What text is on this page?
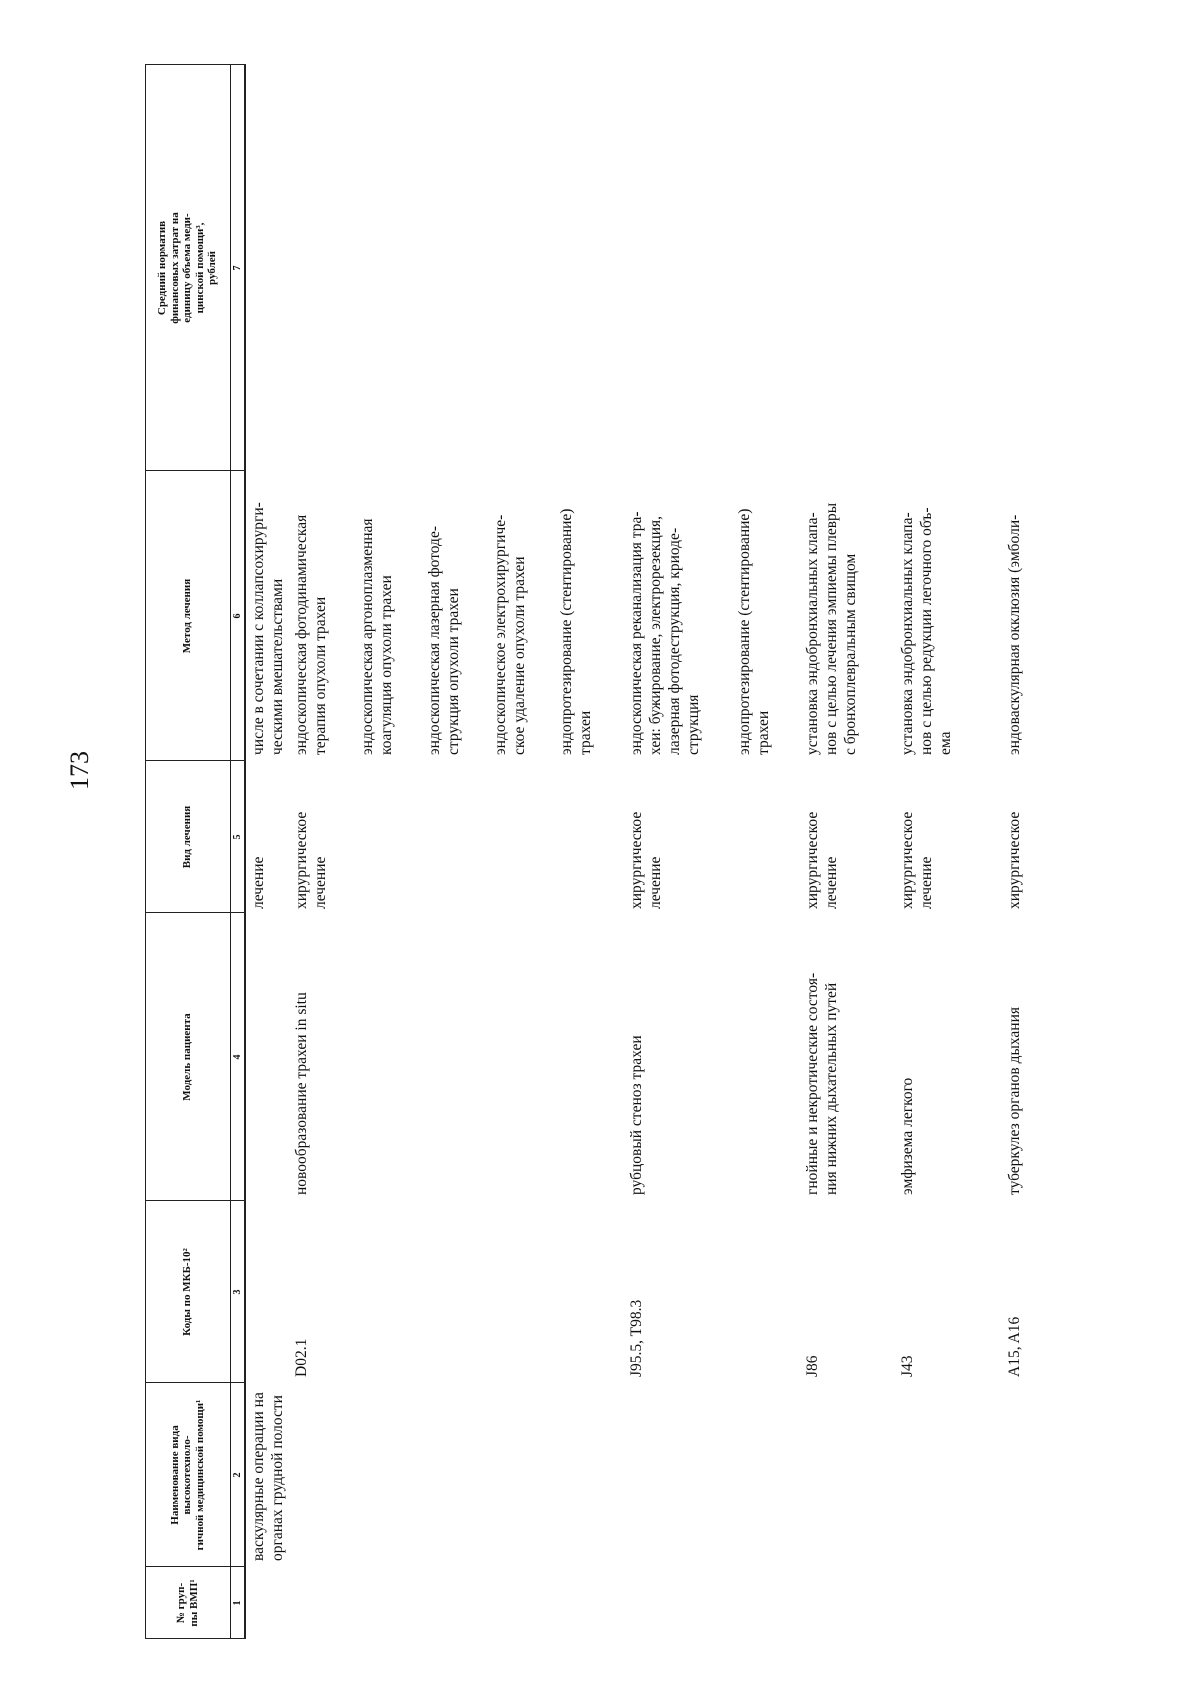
173
№ груп-
пы ВМП¹
Наименование вида высокотехноло-
гичной медицинской помощи¹
Коды по МКБ-10²
Модель пациента
Вид лечения
Метод лечения
Средний норматив
финансовых затрат на
единицу объема меди-
цинской помощи³,
рублей
1
2
3
4
5
6
7
васкулярные операции на
органах грудной полости
лечение
числе в сочетании с коллапсохирурги-
ческими вмешательствами
D02.1
новообразование трахеи in situ
хирургическое
лечение
эндоскопическая фотодинамическая
терапия опухоли трахеи
эндоскопическая аргоноплазменная
коагуляция опухоли трахеи
эндоскопическая лазерная фотоде-
струкция опухоли трахеи
эндоскопическое электрохирургиче-
ское удаление опухоли трахеи
эндопротезирование (стентирование)
трахеи
J95.5, T98.3
рубцовый стеноз трахеи
хирургическое
лечение
эндоскопическая реканализация тра-
хеи: бужирование, электрорезекция,
лазерная фотодеструкция, криоде-
струкция эндопротезирование (стентирование)
трахеи
J86
гнойные и некротические состоя-
ния нижних дыхательных путей
хирургическое
лечение
установка эндобронхиальных клапа-
нов с целью лечения эмпиемы плевры
с бронхоплевральным свищом
J43
эмфизема легкого
хирургическое
лечение
установка эндобронхиальных клапа-
нов с целью редукции легочного объ-
ема
A15, A16
туберкулез органов дыхания
хирургическое
эндоваскулярная окклюзия (эмболи-
